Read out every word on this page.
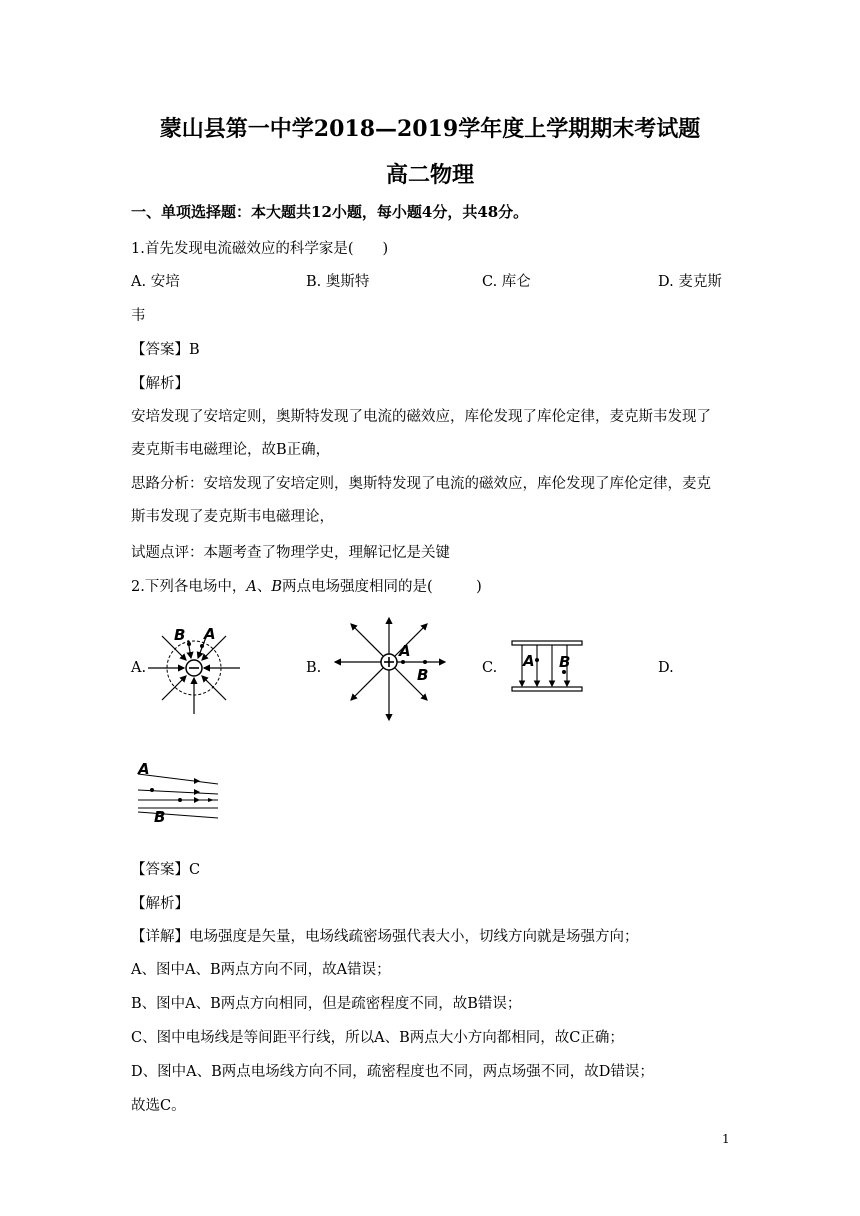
蒙山县第一中学2018—2019学年度上学期期末考试题
高二物理
一、单项选择题：本大题共12小题，每小题4分，共48分。
1.首先发现电流磁效应的科学家是(　　)
A. 安培	B. 奥斯特	C. 库仑	D. 麦克斯
韦
【答案】B
【解析】
安培发现了安培定则，奥斯特发现了电流的磁效应，库伦发现了库伦定律，麦克斯韦发现了
麦克斯韦电磁理论，故B正确，
思路分析：安培发现了安培定则，奥斯特发现了电流的磁效应，库伦发现了库伦定律，麦克
斯韦发现了麦克斯韦电磁理论，
试题点评：本题考查了物理学史，理解记忆是关键
2.下列各电场中，A、B两点电场强度相同的是(　　　)
A.	B.	C.	D.
B A
A
B
A B
A
B
【答案】C
【解析】
【详解】电场强度是矢量，电场线疏密场强代表大小，切线方向就是场强方向；
A、图中A、B两点方向不同，故A错误；
B、图中A、B两点方向相同，但是疏密程度不同，故B错误；
C、图中电场线是等间距平行线，所以A、B两点大小方向都相同，故C正确；
D、图中A、B两点电场线方向不同，疏密程度也不同，两点场强不同，故D错误；
故选C。
1
